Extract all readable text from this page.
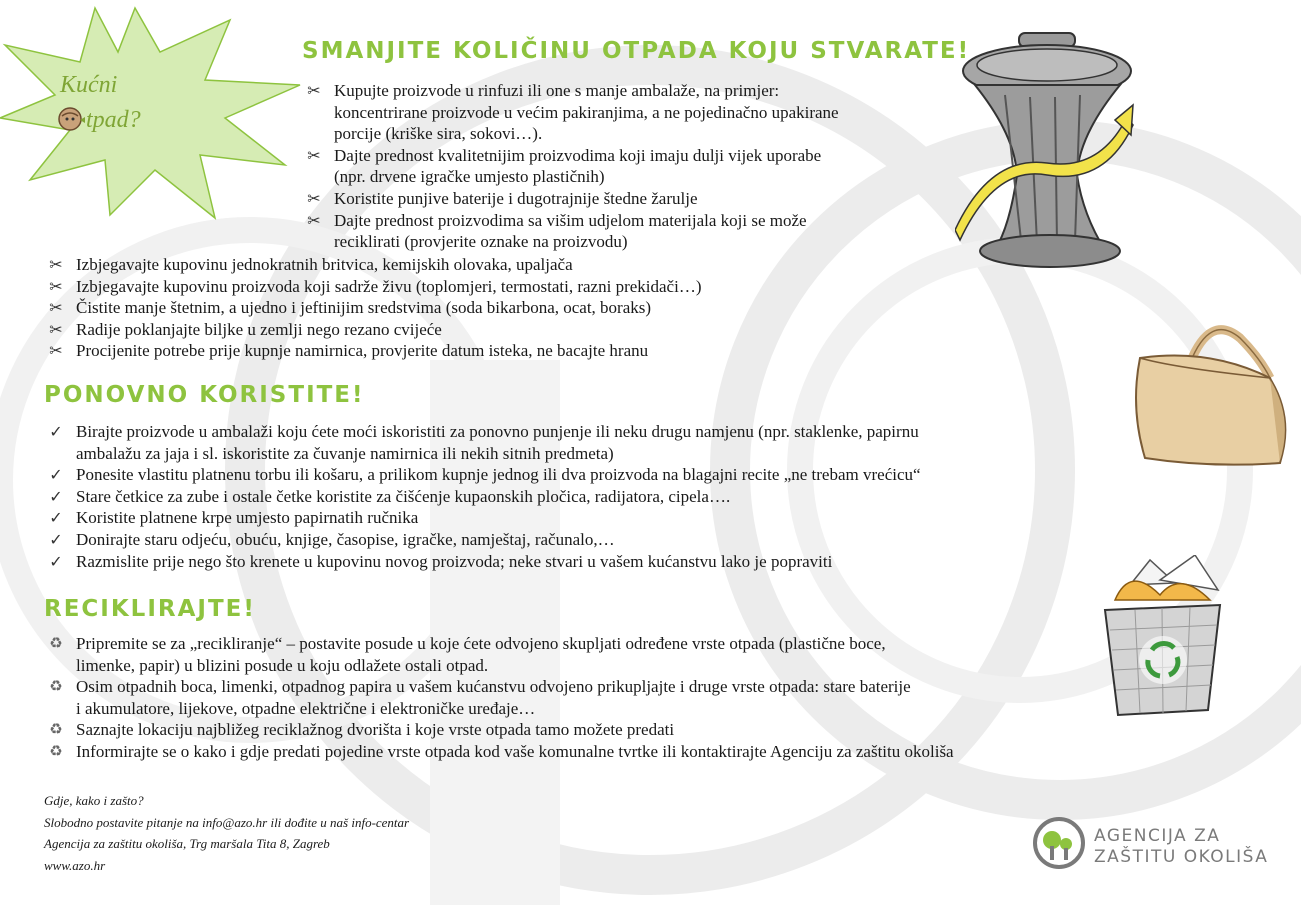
Kućni
tpad?
SMANJITE KOLIČINU OTPADA KOJU STVARATE!
✂ Kupujte proizvode u rinfuzi ili one s manje ambalaže, na primjer:
koncentrirane proizvode u većim pakiranjima, a ne pojedinačno upakirane
porcije (kriške sira, sokovi…).
✂ Dajte prednost kvalitetnijim proizvodima koji imaju dulji vijek uporabe
(npr. drvene igračke umjesto plastičnih)
✂ Koristite punjive baterije i dugotrajnije štedne žarulje
✂ Dajte prednost proizvodima sa višim udjelom materijala koji se može
reciklirati (provjerite oznake na proizvodu)
✂ Izbjegavajte kupovinu jednokratnih britvica, kemijskih olovaka, upaljača
✂ Izbjegavajte kupovinu proizvoda koji sadrže živu (toplomjeri, termostati, razni prekidači…)
✂ Čistite manje štetnim, a ujedno i jeftinijim sredstvima (soda bikarbona, ocat, boraks)
✂ Radije poklanjajte biljke u zemlji nego rezano cvijeće
✂ Procijenite potrebe prije kupnje namirnica, provjerite datum isteka, ne bacajte hranu
PONOVNO KORISTITE!
✓ Birajte proizvode u ambalaži koju ćete moći iskoristiti za ponovno punjenje ili neku drugu namjenu (npr. staklenke, papirnu
ambalažu za jaja i sl. iskoristite za čuvanje namirnica ili nekih sitnih predmeta)
✓ Ponesite vlastitu platnenu torbu ili košaru, a prilikom kupnje jednog ili dva proizvoda na blagajni recite „ne trebam vrećicu“
✓ Stare četkice za zube i ostale četke koristite za čišćenje kupaonskih pločica, radijatora, cipela….
✓ Koristite platnene krpe umjesto papirnatih ručnika
✓ Donirajte staru odjeću, obuću, knjige, časopise, igračke, namještaj, računalo,…
✓ Razmislite prije nego što krenete u kupovinu novog proizvoda; neke stvari u vašem kućanstvu lako je popraviti
RECIKLIRAJTE!
♻ Pripremite se za „recikliranje“ – postavite posude u koje ćete odvojeno skupljati određene vrste otpada (plastične boce,
limenke, papir) u blizini posude u koju odlažete ostali otpad.
♻ Osim otpadnih boca, limenki, otpadnog papira u vašem kućanstvu odvojeno prikupljajte i druge vrste otpada: stare baterije
i akumulatore, lijekove, otpadne električne i elektroničke uređaje…
♻ Saznajte lokaciju najbližeg reciklažnog dvorišta i koje vrste otpada tamo možete predati
♻ Informirajte se o kako i gdje predati pojedine vrste otpada kod vaše komunalne tvrtke ili kontaktirajte Agenciju za zaštitu okoliša
Gdje, kako i zašto?
Slobodno postavite pitanje na info@azo.hr ili dođite u naš info-centar
Agencija za zaštitu okoliša, Trg maršala Tita 8, Zagreb
www.azo.hr
AGENCIJA ZA
ZAŠTITU OKOLIŠA
